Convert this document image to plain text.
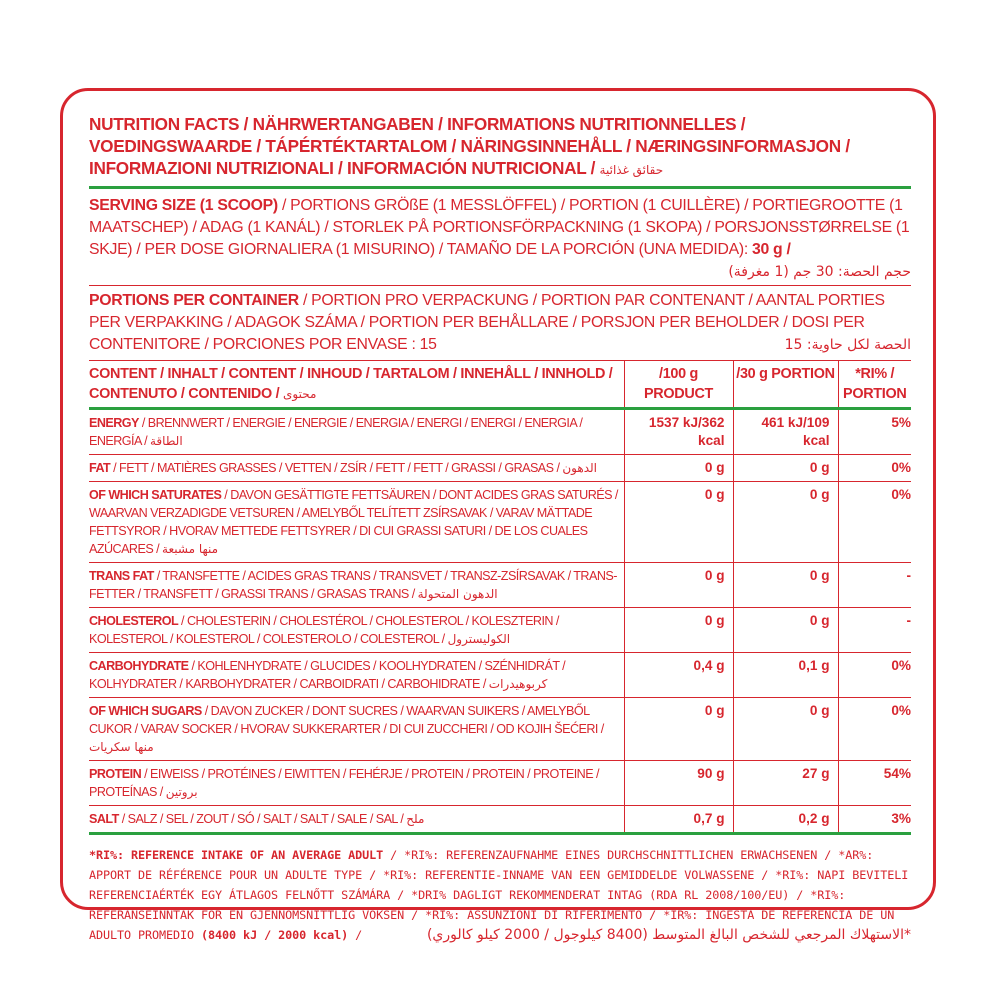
NUTRITION FACTS / NÄHRWERTANGABEN / INFORMATIONS NUTRITIONNELLES / VOEDINGSWAARDE / TÁPÉRTÉKTARTALOM / NÄRINGSINNEHÅLL / NÆRINGSINFORMASJON / INFORMAZIONI NUTRIZIONALI / INFORMACIÓN NUTRICIONAL / حقائق غذائية
SERVING SIZE (1 SCOOP) / PORTIONS GRÖßE (1 MESSLÖFFEL) / PORTION (1 CUILLÈRE) / PORTIEGROOTTE (1 MAATSCHEP) / ADAG (1 KANÁL) / STORLEK PÅ PORTIONSFÖRPACKNING (1 SKOPA) / PORSJONSSTØRRELSE (1 SKJE) / PER DOSE GIORNALIERA (1 MISURINO) / TAMAÑO DE LA PORCIÓN (UNA MEDIDA): 30 g /
حجم الحصة: 30 جم (1 مغرفة)
PORTIONS PER CONTAINER / PORTION PRO VERPACKUNG / PORTION PAR CONTENANT / AANTAL PORTIES PER VERPAKKING / ADAGOK SZÁMA / PORTION PER BEHÅLLARE / PORSJON PER BEHOLDER / DOSI PER CONTENITORE / PORCIONES POR ENVASE : 15	الحصة لكل حاوية: 15
CONTENT / INHALT / CONTENT / INHOUD / TARTALOM / INNEHÅLL / INNHOLD / CONTENUTO / CONTENIDO / محتوى	/100 g PRODUCT	/30 g PORTION	*RI% / PORTION
ENERGY / BRENNWERT / ENERGIE / ENERGIE / ENERGIA / ENERGI / ENERGI / ENERGIA / ENERGÍA / الطاقة	1537 kJ/362 kcal	461 kJ/109 kcal	5%
FAT / FETT / MATIÈRES GRASSES / VETTEN / ZSÍR / FETT / FETT / GRASSI / GRASAS / الدهون	0 g	0 g	0%
OF WHICH SATURATES / DAVON GESÄTTIGTE FETTSÄUREN / DONT ACIDES GRAS SATURÉS / WAARVAN VERZADIGDE VETSUREN / AMELYBŐL TELÍTETT ZSÍRSAVAK / VARAV MÄTTADE FETTSYROR / HVORAV METTEDE FETTSYRER / DI CUI GRASSI SATURI / DE LOS CUALES AZÚCARES / منها مشبعة	0 g	0 g	0%
TRANS FAT / TRANSFETTE / ACIDES GRAS TRANS / TRANSVET / TRANSZ-ZSÍRSAVAK / TRANS-FETTER / TRANSFETT / GRASSI TRANS / GRASAS TRANS / الدهون المتحولة	0 g	0 g	-
CHOLESTEROL / CHOLESTERIN / CHOLESTÉROL / CHOLESTEROL / KOLESZTERIN / KOLESTEROL / KOLESTEROL / COLESTEROLO / COLESTEROL / الكوليسترول	0 g	0 g	-
CARBOHYDRATE / KOHLENHYDRATE / GLUCIDES / KOOLHYDRATEN / SZÉNHIDRÁT / KOLHYDRATER / KARBOHYDRATER / CARBOIDRATI / CARBOHIDRATE / كربوهيدرات	0,4 g	0,1 g	0%
OF WHICH SUGARS / DAVON ZUCKER / DONT SUCRES / WAARVAN SUIKERS / AMELYBŐL CUKOR / VARAV SOCKER / HVORAV SUKKERARTER / DI CUI ZUCCHERI / OD KOJIH ŠEĆERI / منها سكريات	0 g	0 g	0%
PROTEIN / EIWEISS / PROTÉINES / EIWITTEN / FEHÉRJE / PROTEIN / PROTEIN / PROTEINE / PROTEÍNAS / بروتين	90 g	27 g	54%
SALT / SALZ / SEL / ZOUT / SÓ / SALT / SALT / SALE / SAL / ملح	0,7 g	0,2 g	3%
*RI%: REFERENCE INTAKE OF AN AVERAGE ADULT / *RI%: REFERENZAUFNAHME EINES DURCHSCHNITTLICHEN ERWACHSENEN / *AR%: APPORT DE RÉFÉRENCE POUR UN ADULTE TYPE / *RI%: REFERENTIE-INNAME VAN EEN GEMIDDELDE VOLWASSENE / *RI%: NAPI BEVITELI REFERENCIAÉRTÉK EGY ÁTLAGOS FELNŐTT SZÁMÁRA / *DRI% DAGLIGT REKOMMENDERAT INTAG (RDA RL 2008/100/EU) / *RI%: REFERANSEINNTAK FOR EN GJENNOMSNITTLIG VOKSEN / *RI%: ASSUNZIONI DI RIFERIMENTO / *IR%: INGESTA DE REFERENCIA DE UN ADULTO PROMEDIO (8400 kJ / 2000 kcal) /	*الاستهلاك المرجعي للشخص البالغ المتوسط (8400 كيلوجول / 2000 كيلو كالوري)
